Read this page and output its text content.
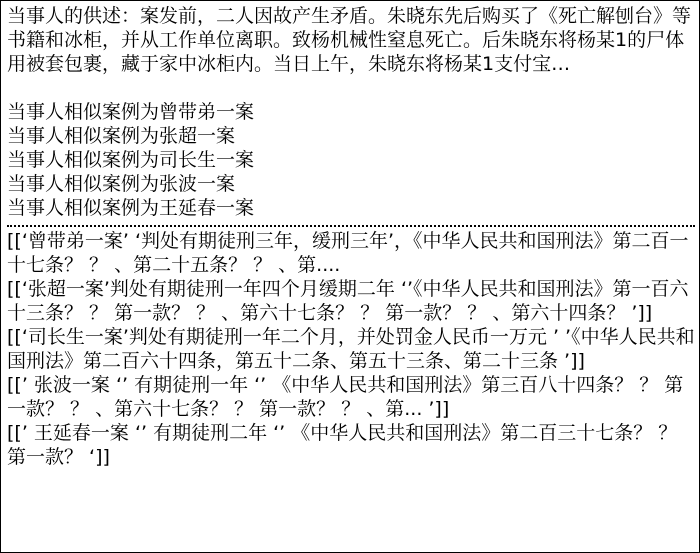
当事人的供述：案发前，二人因故产生矛盾。朱晓东先后购买了《死亡解刨台》等书籍和冰柜，并从工作单位离职。致杨机械性窒息死亡。后朱晓东将杨某1的尸体用被套包裹，藏于家中冰柜内。当日上午，朱晓东将杨某1支付宝…

当事人相似案例为曾带弟一案

当事人相似案例为张超一案

当事人相似案例为司长生一案

当事人相似案例为张波一案

当事人相似案例为王延春一案

[[‘曾带弟一案’ ‘判处有期徒刑三年，缓刑三年’，《中华人民共和国刑法》第二百一十七条？ ？ 、第二十五条？ ？ 、第....

[[‘张超一案’判处有期徒刑一年四个月缓期二年 ‘’《中华人民共和国刑法》第一百六十三条？ ？ 第一款？ ？ 、第六十七条？ ？ 第一款？ ？ 、第六十四条？ ’]]

[[‘司长生一案’判处有期徒刑一年二个月，并处罚金人民币一万元 ’ ’《中华人民共和国刑法》第二百六十四条，第五十二条、第五十三条、第二十三条 ’]]

[[’ 张波一案 ‘’ 有期徒刑一年 ‘’ 《中华人民共和国刑法》第三百八十四条？ ？ 第一款？ ？ 、第六十七条？ ？ 第一款？ ？ 、第... ’]]

[[’ 王延春一案 ‘’ 有期徒刑二年 ‘’ 《中华人民共和国刑法》第二百三十七条？ ？ 第一款？ ‘]]
